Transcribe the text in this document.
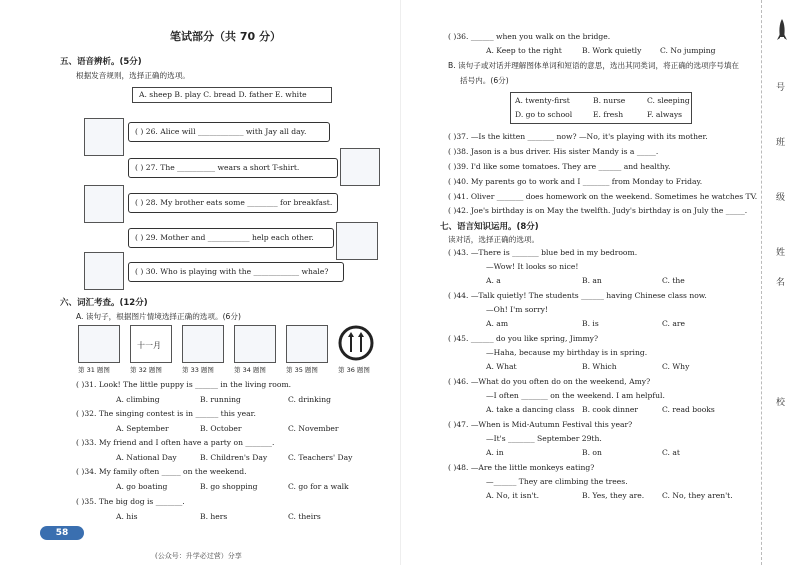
笔试部分（共 70 分）
五、语音辨析。(5分)
根据发音规则，选择正确的选项。
A. sheep B. play C. bread D. father E. white
( ) 26. Alice will ____________ with Jay all day.
( ) 27. The __________ wears a short T-shirt.
( ) 28. My brother eats some ________ for breakfast.
( ) 29. Mother and ___________ help each other.
( ) 30. Who is playing with the ____________ whale?
六、词汇考查。(12分)
A. 读句子，根据图片情境选择正确的选项。(6分)
十一月
第 31 题图	第 32 题图	第 33 题图	第 34 题图	第 35 题图	第 36 题图
( )31. Look! The little puppy is ______ in the living room.
A. climbing	B. running	C. drinking
( )32. The singing contest is in ______ this year.
A. September	B. October	C. November
( )33. My friend and I often have a party on _______.
A. National Day	B. Children's Day	C. Teachers' Day
( )34. My family often _____ on the weekend.
A. go boating	B. go shopping	C. go for a walk
( )35. The big dog is _______.
A. his	B. hers	C. theirs
58
(公众号：升学必过营）分享
( )36. ______ when you walk on the bridge.
A. Keep to the right	B. Work quietly C. No jumping
B. 读句子或对话并理解图体单词和短语的意思，选出其同类词，将正确的选项序号填在
括号内。(6分)
A. twenty-first	B. nurse	C. sleeping
D. go to school	E. fresh	F. always
( )37. —Is the kitten _______ now? —No, it's playing with its mother.
( )38. Jason is a bus driver. His sister Mandy is a _____.
( )39. I'd like some tomatoes. They are ______ and healthy.
( )40. My parents go to work and I _______ from Monday to Friday.
( )41. Oliver _______ does homework on the weekend. Sometimes he watches TV.
( )42. Joe's birthday is on May the twelfth. Judy's birthday is on July the _____.
七、语言知识运用。(8分)
读对话，选择正确的选项。
( )43. —There is _______ blue bed in my bedroom.
—Wow! It looks so nice!
A. a	B. an	C. the
( )44. —Talk quietly! The students ______ having Chinese class now.
—Oh! I'm sorry!
A. am	B. is	C. are
( )45. ______ do you like spring, Jimmy?
—Haha, because my birthday is in spring.
A. What	B. Which	C. Why
( )46. —What do you often do on the weekend, Amy?
—I often _______ on the weekend. I am helpful.
A. take a dancing class B. cook dinner	C. read books
( )47. —When is Mid-Autumn Festival this year?
—It's _______ September 29th.
A. in	B. on	C. at
( )48. —Are the little monkeys eating?
—______ They are climbing the trees.
A. No, it isn't.	B. Yes, they are. C. No, they aren't.
号
班
级
姓
名
校
